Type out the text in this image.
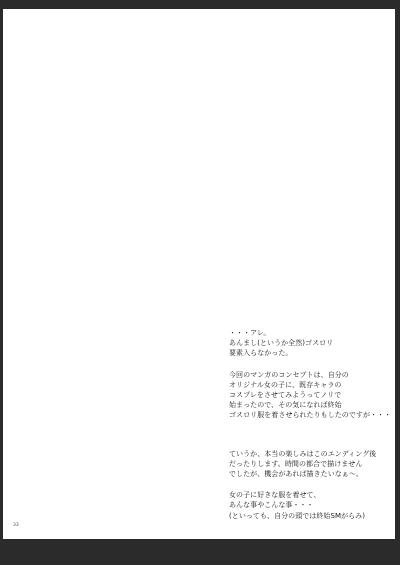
・・・アレ。
あんまし(というか全然)ゴスロリ
要素入らなかった。

今回のマンガのコンセプトは、自分の
オリジナル女の子に、既存キャラの
コスプレをさせてみようってノリで
始まったので、その気になれば終始
ゴスロリ服を着させられたりもしたのですが・・・

ていうか、本当の楽しみはこのエンディング後
だったりします。時間の都合で描けません
でしたが、機会があれば描きたいなぁ～。

女の子に好きな服を着せて、
あんな事やこんな事・・・
(といっても、自分の頭では終始SMがらみ)

33
